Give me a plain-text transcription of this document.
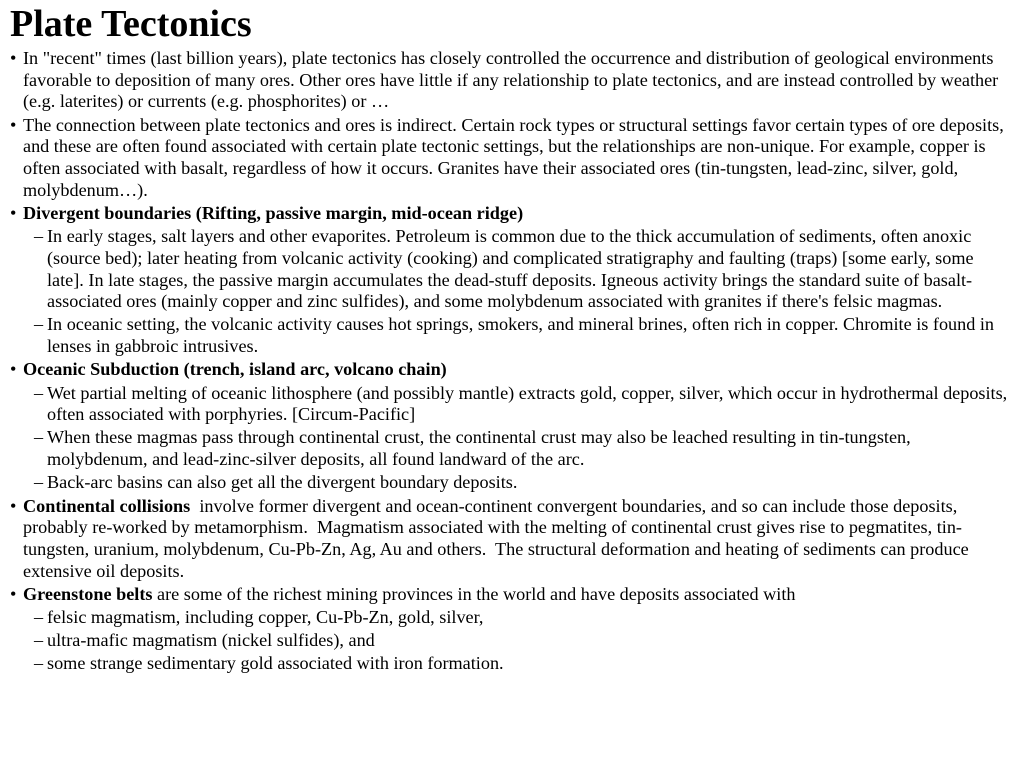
Plate Tectonics
• In "recent" times (last billion years), plate tectonics has closely controlled the occurrence and distribution of geological environments favorable to deposition of many ores. Other ores have little if any relationship to plate tectonics, and are instead controlled by weather (e.g. laterites) or currents (e.g. phosphorites) or …
• The connection between plate tectonics and ores is indirect. Certain rock types or structural settings favor certain types of ore deposits, and these are often found associated with certain plate tectonic settings, but the relationships are non-unique. For example, copper is often associated with basalt, regardless of how it occurs. Granites have their associated ores (tin-tungsten, lead-zinc, silver, gold, molybdenum…).
• Divergent boundaries (Rifting, passive margin, mid-ocean ridge)
– In early stages, salt layers and other evaporites. Petroleum is common due to the thick accumulation of sediments, often anoxic (source bed); later heating from volcanic activity (cooking) and complicated stratigraphy and faulting (traps) [some early, some late]. In late stages, the passive margin accumulates the dead-stuff deposits. Igneous activity brings the standard suite of basalt-associated ores (mainly copper and zinc sulfides), and some molybdenum associated with granites if there's felsic magmas.
– In oceanic setting, the volcanic activity causes hot springs, smokers, and mineral brines, often rich in copper. Chromite is found in lenses in gabbroic intrusives.
• Oceanic Subduction (trench, island arc, volcano chain)
– Wet partial melting of oceanic lithosphere (and possibly mantle) extracts gold, copper, silver, which occur in hydrothermal deposits, often associated with porphyries. [Circum-Pacific]
– When these magmas pass through continental crust, the continental crust may also be leached resulting in tin-tungsten, molybdenum, and lead-zinc-silver deposits, all found landward of the arc.
– Back-arc basins can also get all the divergent boundary deposits.
• Continental collisions  involve former divergent and ocean-continent convergent boundaries, and so can include those deposits, probably re-worked by metamorphism.  Magmatism associated with the melting of continental crust gives rise to pegmatites, tin-tungsten, uranium, molybdenum, Cu-Pb-Zn, Ag, Au and others.  The structural deformation and heating of sediments can produce extensive oil deposits.
• Greenstone belts are some of the richest mining provinces in the world and have deposits associated with
– felsic magmatism, including copper, Cu-Pb-Zn, gold, silver,
– ultra-mafic magmatism (nickel sulfides), and
– some strange sedimentary gold associated with iron formation.
